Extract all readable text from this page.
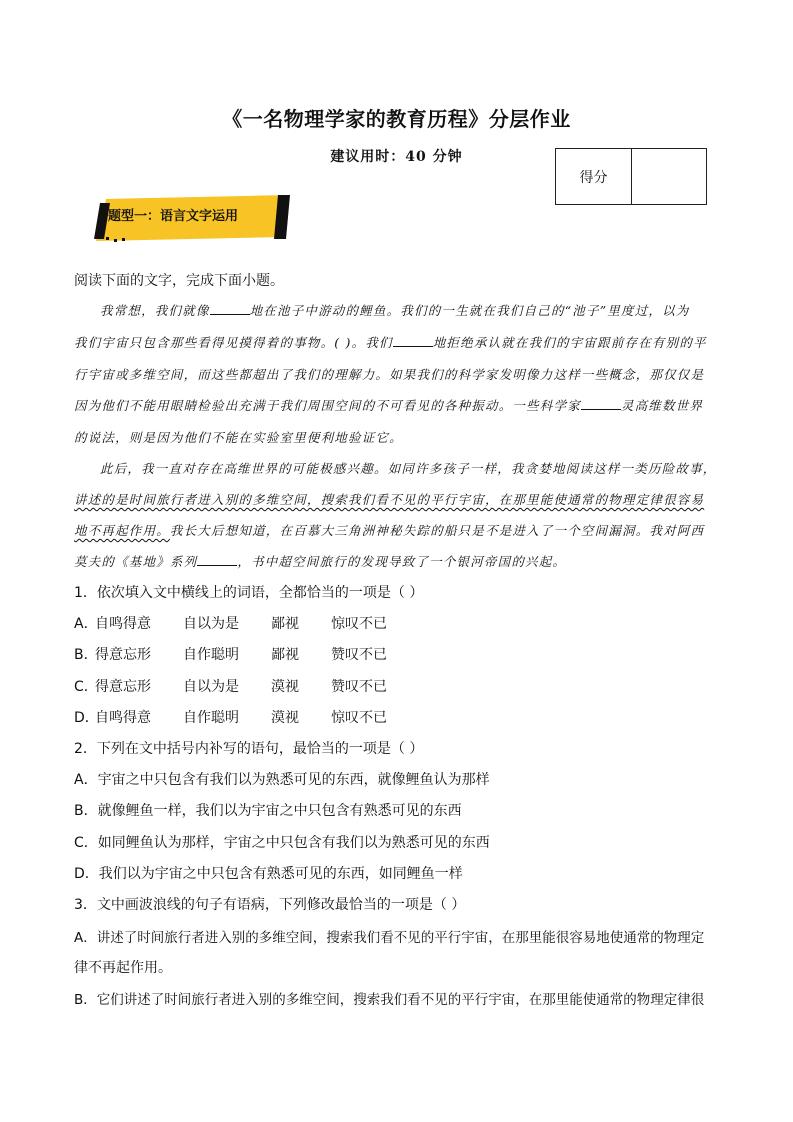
《一名物理学家的教育历程》分层作业
建议用时：40 分钟
得分
题型一：语言文字运用
阅读下面的文字，完成下面小题。
我常想，我们就像	地在池子中游动的鲤鱼。我们的一生就在我们自己的“池子”里度过，以为
我们宇宙只包含那些看得见摸得着的事物。( )。我们	地拒绝承认就在我们的宇宙跟前存在有别的平
行宇宙或多维空间，而这些都超出了我们的理解力。如果我们的科学家发明像力这样一些概念，那仅仅是
因为他们不能用眼睛检验出充满于我们周围空间的不可看见的各种振动。一些科学家	灵高维数世界
的说法，则是因为他们不能在实验室里便利地验证它。
此后，我一直对存在高维世界的可能极感兴趣。如同许多孩子一样，我贪婪地阅读这样一类历险故事，
讲述的是时间旅行者进入别的多维空间，搜索我们看不见的平行宇宙，在那里能使通常的物理定律很容易
地不再起作用。我长大后想知道，在百慕大三角洲神秘失踪的船只是不是进入了一个空间漏洞。我对阿西
莫夫的《基地》系列	，书中超空间旅行的发现导致了一个银河帝国的兴起。
1．依次填入文中横线上的词语，全都恰当的一项是（ ）
A．
自鸣得意 自以为是 鄙视 惊叹不已
B．
得意忘形 自作聪明 鄙视 赞叹不已
C．
得意忘形 自以为是 漠视 赞叹不已
D．
自鸣得意 自作聪明 漠视 惊叹不已
2．下列在文中括号内补写的语句，最恰当的一项是（ ）
A．宇宙之中只包含有我们以为熟悉可见的东西，就像鲤鱼认为那样
B．就像鲤鱼一样，我们以为宇宙之中只包含有熟悉可见的东西
C．如同鲤鱼认为那样，宇宙之中只包含有我们以为熟悉可见的东西
D．我们以为宇宙之中只包含有熟悉可见的东西，如同鲤鱼一样
3．文中画波浪线的句子有语病，下列修改最恰当的一项是（ ）
A．讲述了时间旅行者进入别的多维空间，搜索我们看不见的平行宇宙，在那里能很容易地使通常的物理定
律不再起作用。
B．它们讲述了时间旅行者进入别的多维空间，搜索我们看不见的平行宇宙，在那里能使通常的物理定律很
